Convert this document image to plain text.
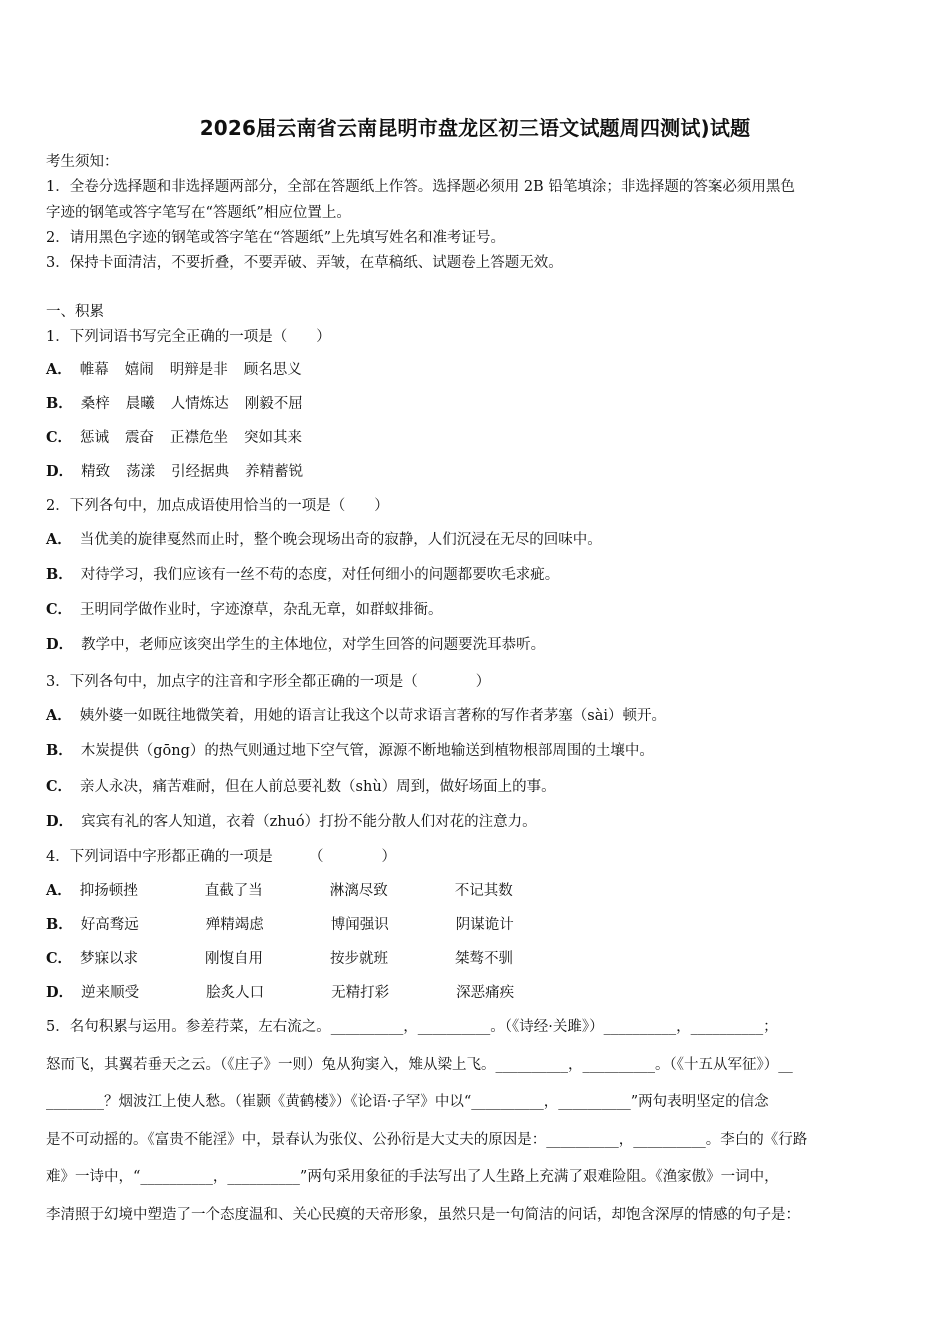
2026届云南省云南昆明市盘龙区初三语文试题周四测试)试题
考生须知：
1．全卷分选择题和非选择题两部分，全部在答题纸上作答。选择题必须用 2B 铅笔填涂；非选择题的答案必须用黑色
字迹的钢笔或答字笔写在“答题纸”相应位置上。
2．请用黑色字迹的钢笔或答字笔在“答题纸”上先填写姓名和准考证号。
3．保持卡面清洁，不要折叠，不要弄破、弄皱，在草稿纸、试题卷上答题无效。
一、积累
1．下列词语书写完全正确的一项是（　　）
A． 帷幕 嬉闹 明辩是非 顾名思义
B． 桑梓 晨曦 人情炼达 刚毅不屈
C． 惩诫 震奋 正襟危坐 突如其来
D． 精致 荡漾 引经据典 养精蓄锐
2．下列各句中，加点成语使用恰当的一项是（　　）
A． 当优美的旋律戛然而止时，整个晚会现场出奇的寂静，人们沉浸在无尽的回味中。
B． 对待学习，我们应该有一丝不苟的态度，对任何细小的问题都要吹毛求疵。
C． 王明同学做作业时，字迹潦草，杂乱无章，如群蚁排衙。
D． 教学中，老师应该突出学生的主体地位，对学生回答的问题要洗耳恭听。
3．下列各句中，加点字的注音和字形全都正确的一项是（　　　　）
A． 姨外婆一如既往地微笑着，用她的语言让我这个以苛求语言著称的写作者茅塞（sài）顿开。
B． 木炭提供（gōng）的热气则通过地下空气管，源源不断地输送到植物根部周围的土壤中。
C． 亲人永决，痛苦难耐，但在人前总要礼数（shù）周到，做好场面上的事。
D． 宾宾有礼的客人知道，衣着（zhuó）打扮不能分散人们对花的注意力。
4．下列词语中字形都正确的一项是　　　（　　　　）
A． 抑扬顿挫	直截了当	淋漓尽致	不记其数
B． 好高骛远	殚精竭虑	博闻强识	阴谋诡计
C． 梦寐以求	刚愎自用	按步就班	桀骜不驯
D． 逆来顺受	脍炙人口	无精打彩	深恶痛疾
5．名句积累与运用。参差荇菜，左右流之。__________，__________。（《诗经·关雎》）__________，__________；
怒而飞，其翼若垂天之云。（《庄子》一则）兔从狗窦入，雉从梁上飞。__________，__________。（《十五从军征》）__
________？烟波江上使人愁。（崔颢《黄鹤楼》）《论语·子罕》中以“__________，__________”两句表明坚定的信念
是不可动摇的。《富贵不能淫》中，景春认为张仪、公孙衍是大丈夫的原因是：__________，__________。李白的《行路
难》一诗中，“__________，__________”两句采用象征的手法写出了人生路上充满了艰难险阻。《渔家傲》一词中，
李清照于幻境中塑造了一个态度温和、关心民瘼的天帝形象，虽然只是一句简洁的问话，却饱含深厚的情感的句子是：
